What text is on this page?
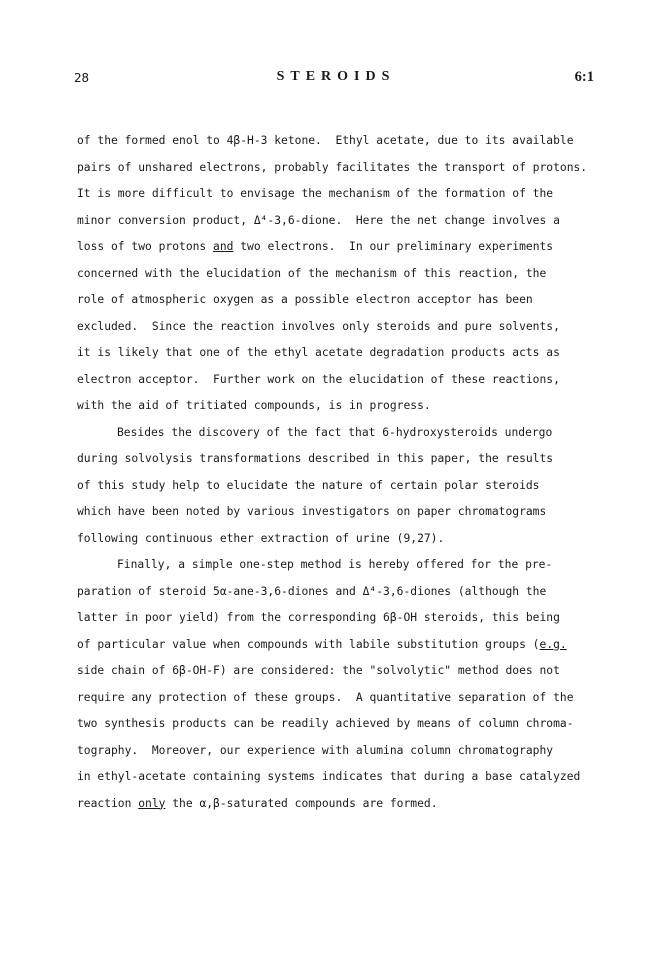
28	STEROIDS	6:1
of the formed enol to 4β-H-3 ketone.  Ethyl acetate, due to its available
pairs of unshared electrons, probably facilitates the transport of protons.
It is more difficult to envisage the mechanism of the formation of the
minor conversion product, Δ⁴-3,6-dione.  Here the net change involves a
loss of two protons and two electrons.  In our preliminary experiments
concerned with the elucidation of the mechanism of this reaction, the
role of atmospheric oxygen as a possible electron acceptor has been
excluded.  Since the reaction involves only steroids and pure solvents,
it is likely that one of the ethyl acetate degradation products acts as
electron acceptor.  Further work on the elucidation of these reactions,
with the aid of tritiated compounds, is in progress.
Besides the discovery of the fact that 6-hydroxysteroids undergo
during solvolysis transformations described in this paper, the results
of this study help to elucidate the nature of certain polar steroids
which have been noted by various investigators on paper chromatograms
following continuous ether extraction of urine (9,27).
Finally, a simple one-step method is hereby offered for the pre-
paration of steroid 5α-ane-3,6-diones and Δ⁴-3,6-diones (although the
latter in poor yield) from the corresponding 6β-OH steroids, this being
of particular value when compounds with labile substitution groups (e.g.
side chain of 6β-OH-F) are considered: the "solvolytic" method does not
require any protection of these groups.  A quantitative separation of the
two synthesis products can be readily achieved by means of column chroma-
tography.  Moreover, our experience with alumina column chromatography
in ethyl-acetate containing systems indicates that during a base catalyzed
reaction only the α,β-saturated compounds are formed.
